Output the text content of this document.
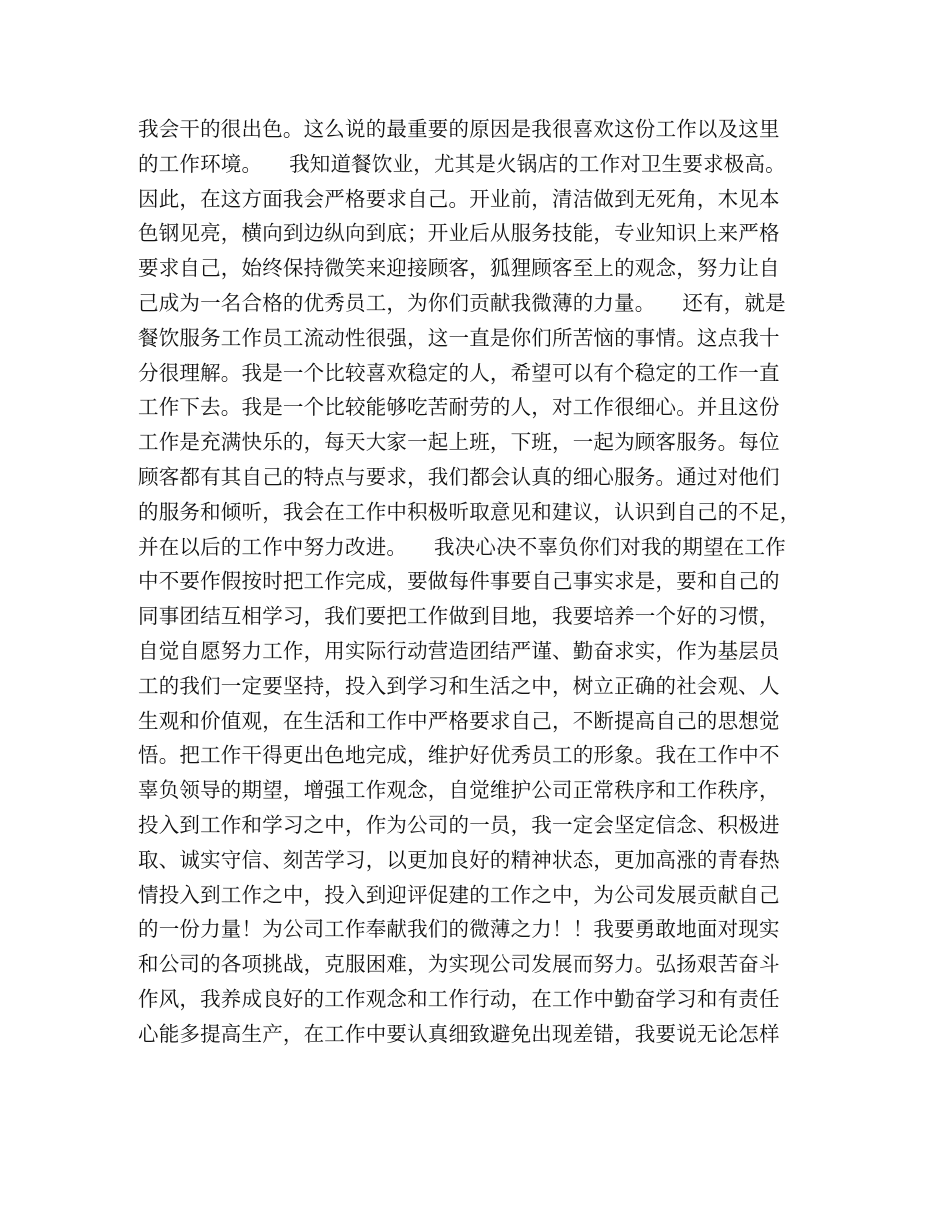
我会干的很出色。这么说的最重要的原因是我很喜欢这份工作以及这里
的工作环境。    我知道餐饮业，尤其是火锅店的工作对卫生要求极高。
因此，在这方面我会严格要求自己。开业前，清洁做到无死角，木见本
色钢见亮，横向到边纵向到底；开业后从服务技能，专业知识上来严格
要求自己，始终保持微笑来迎接顾客，狐狸顾客至上的观念，努力让自
己成为一名合格的优秀员工，为你们贡献我微薄的力量。    还有，就是
餐饮服务工作员工流动性很强，这一直是你们所苦恼的事情。这点我十
分很理解。我是一个比较喜欢稳定的人，希望可以有个稳定的工作一直
工作下去。我是一个比较能够吃苦耐劳的人，对工作很细心。并且这份
工作是充满快乐的，每天大家一起上班，下班，一起为顾客服务。每位
顾客都有其自己的特点与要求，我们都会认真的细心服务。通过对他们
的服务和倾听，我会在工作中积极听取意见和建议，认识到自己的不足，
并在以后的工作中努力改进。    我决心决不辜负你们对我的期望在工作
中不要作假按时把工作完成，要做每件事要自己事实求是，要和自己的
同事团结互相学习，我们要把工作做到目地，我要培养一个好的习惯，
自觉自愿努力工作，用实际行动营造团结严谨、勤奋求实，作为基层员
工的我们一定要坚持，投入到学习和生活之中，树立正确的社会观、人
生观和价值观，在生活和工作中严格要求自己，不断提高自己的思想觉
悟。把工作干得更出色地完成，维护好优秀员工的形象。我在工作中不
辜负领导的期望，增强工作观念，自觉维护公司正常秩序和工作秩序，
投入到工作和学习之中，作为公司的一员，我一定会坚定信念、积极进
取、诚实守信、刻苦学习，以更加良好的精神状态，更加高涨的青春热
情投入到工作之中，投入到迎评促建的工作之中，为公司发展贡献自己
的一份力量！为公司工作奉献我们的微薄之力！！我要勇敢地面对现实
和公司的各项挑战，克服困难，为实现公司发展而努力。弘扬艰苦奋斗
作风，我养成良好的工作观念和工作行动，在工作中勤奋学习和有责任
心能多提高生产，在工作中要认真细致避免出现差错，我要说无论怎样
